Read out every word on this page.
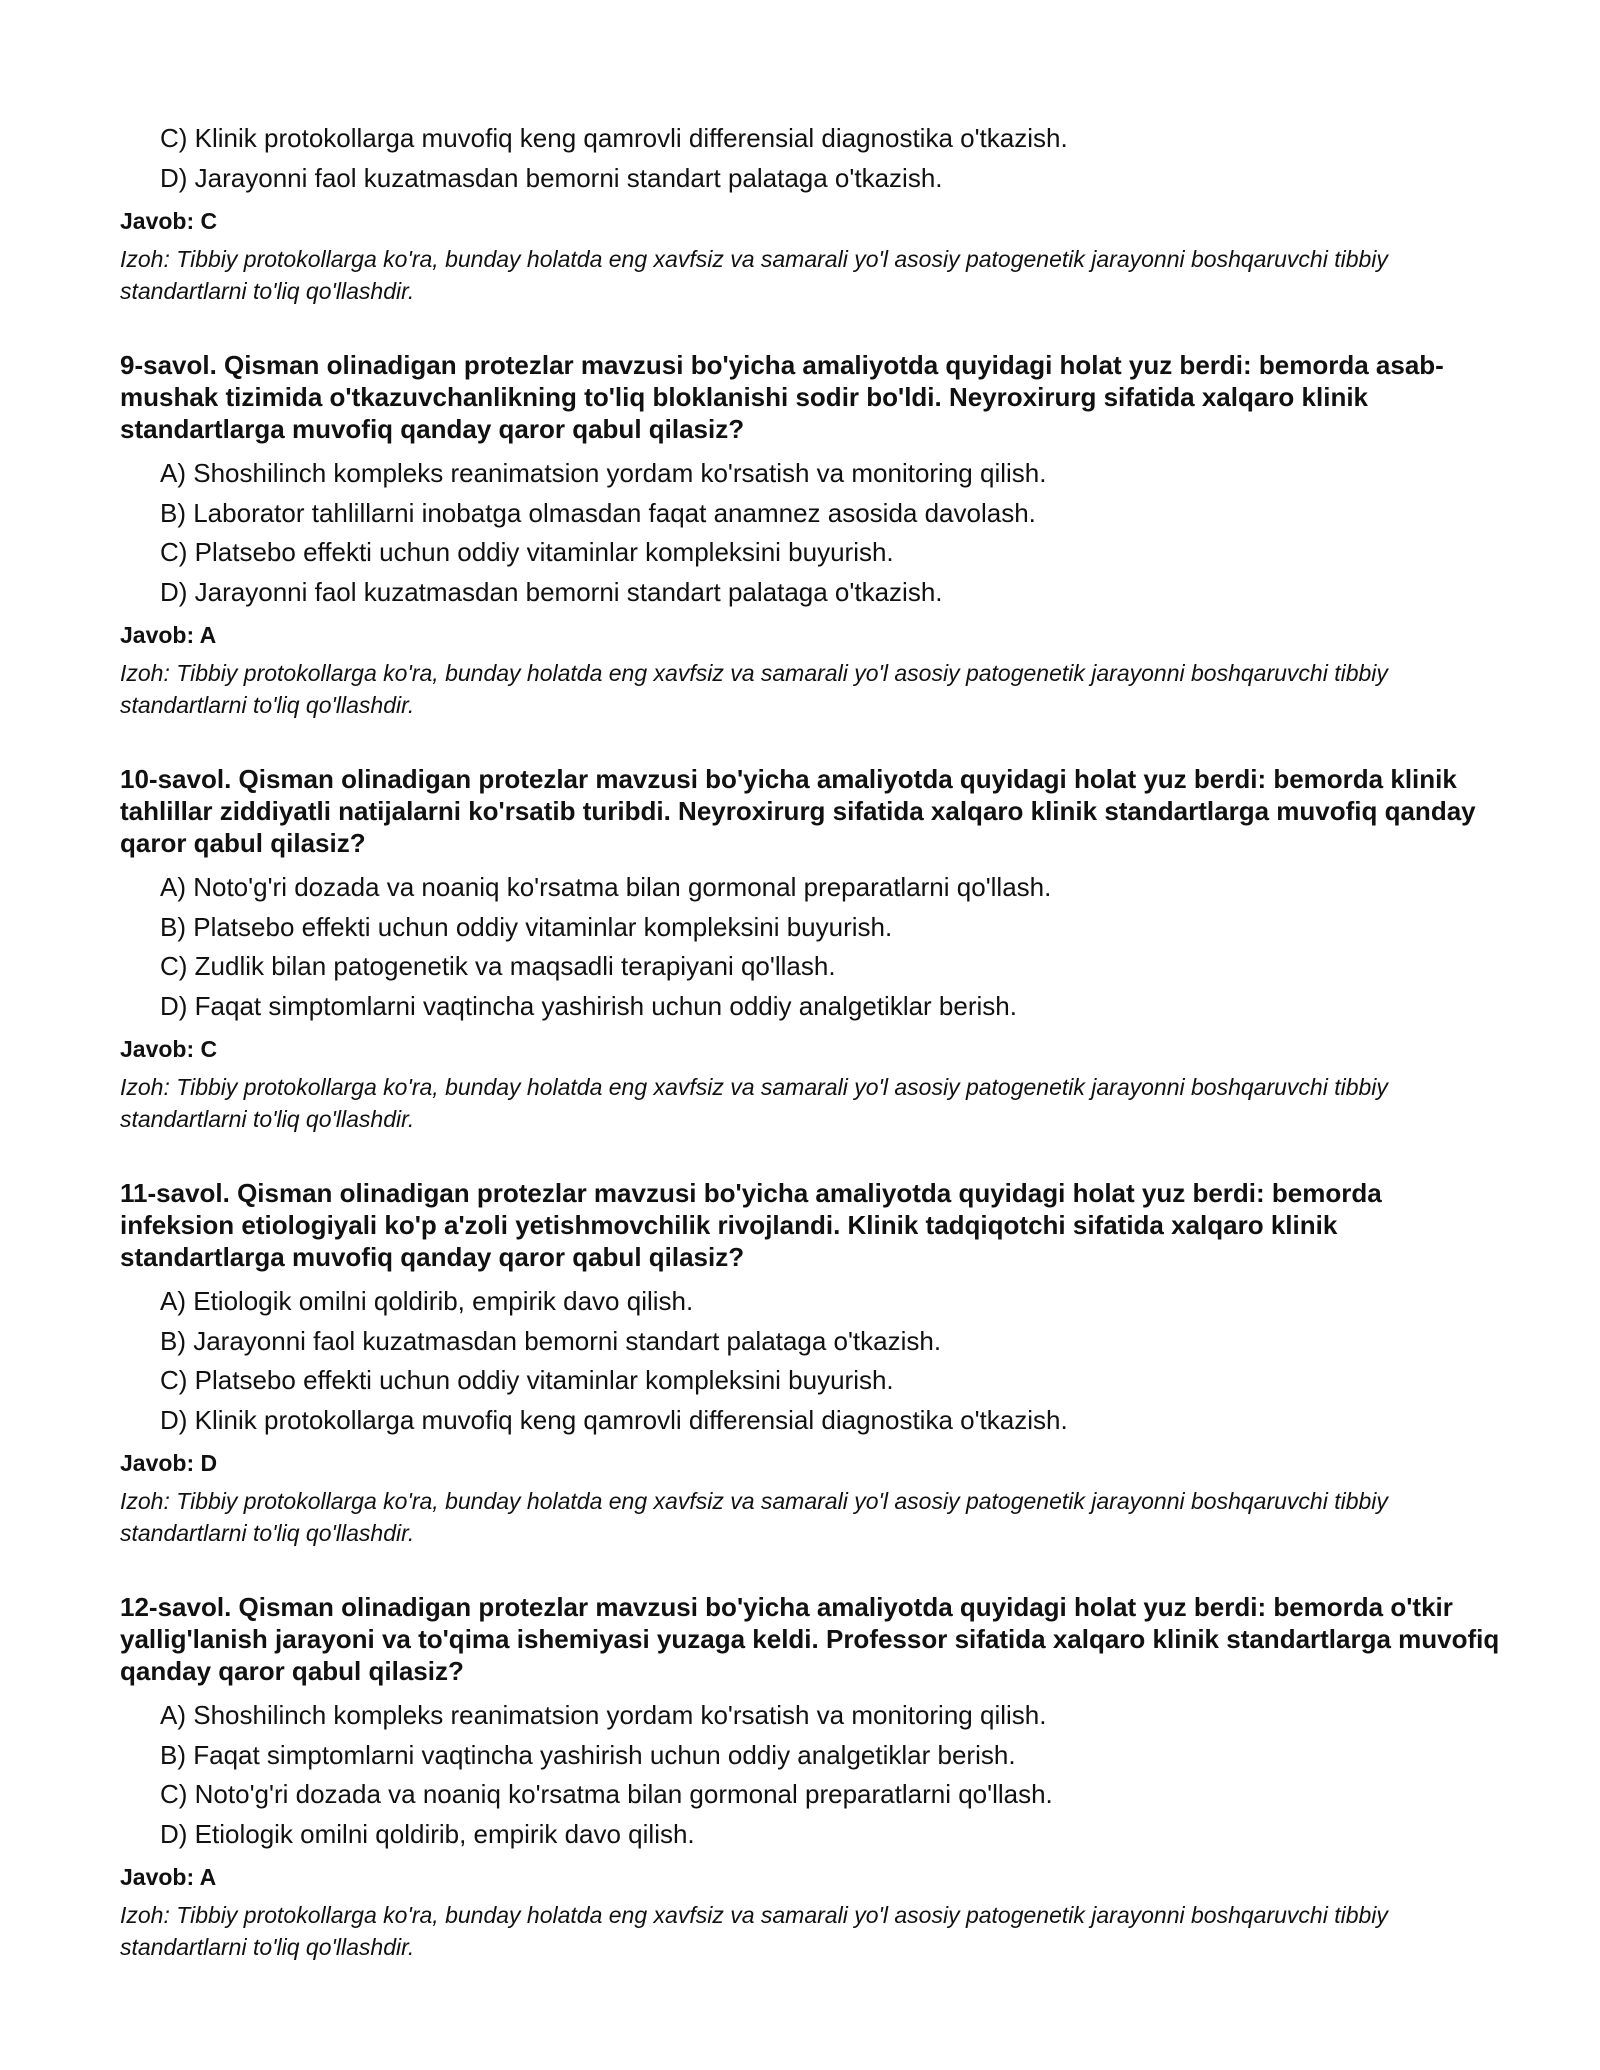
C) Klinik protokollarga muvofiq keng qamrovli differensial diagnostika o'tkazish.
D) Jarayonni faol kuzatmasdan bemorni standart palataga o'tkazish.
Javob: C
Izoh: Tibbiy protokollarga ko'ra, bunday holatda eng xavfsiz va samarali yo'l asosiy patogenetik jarayonni boshqaruvchi tibbiy standartlarni to'liq qo'llashdir.
9-savol. Qisman olinadigan protezlar mavzusi bo'yicha amaliyotda quyidagi holat yuz berdi: bemorda asab-mushak tizimida o'tkazuvchanlikning to'liq bloklanishi sodir bo'ldi. Neyroxirurg sifatida xalqaro klinik standartlarga muvofiq qanday qaror qabul qilasiz?
A) Shoshilinch kompleks reanimatsion yordam ko'rsatish va monitoring qilish.
B) Laborator tahlillarni inobatga olmasdan faqat anamnez asosida davolash.
C) Platsebo effekti uchun oddiy vitaminlar kompleksini buyurish.
D) Jarayonni faol kuzatmasdan bemorni standart palataga o'tkazish.
Javob: A
Izoh: Tibbiy protokollarga ko'ra, bunday holatda eng xavfsiz va samarali yo'l asosiy patogenetik jarayonni boshqaruvchi tibbiy standartlarni to'liq qo'llashdir.
10-savol. Qisman olinadigan protezlar mavzusi bo'yicha amaliyotda quyidagi holat yuz berdi: bemorda klinik tahlillar ziddiyatli natijalarni ko'rsatib turibdi. Neyroxirurg sifatida xalqaro klinik standartlarga muvofiq qanday qaror qabul qilasiz?
A) Noto'g'ri dozada va noaniq ko'rsatma bilan gormonal preparatlarni qo'llash.
B) Platsebo effekti uchun oddiy vitaminlar kompleksini buyurish.
C) Zudlik bilan patogenetik va maqsadli terapiyani qo'llash.
D) Faqat simptomlarni vaqtincha yashirish uchun oddiy analgetiklar berish.
Javob: C
Izoh: Tibbiy protokollarga ko'ra, bunday holatda eng xavfsiz va samarali yo'l asosiy patogenetik jarayonni boshqaruvchi tibbiy standartlarni to'liq qo'llashdir.
11-savol. Qisman olinadigan protezlar mavzusi bo'yicha amaliyotda quyidagi holat yuz berdi: bemorda infeksion etiologiyali ko'p a'zoli yetishmovchilik rivojlandi. Klinik tadqiqotchi sifatida xalqaro klinik standartlarga muvofiq qanday qaror qabul qilasiz?
A) Etiologik omilni qoldirib, empirik davo qilish.
B) Jarayonni faol kuzatmasdan bemorni standart palataga o'tkazish.
C) Platsebo effekti uchun oddiy vitaminlar kompleksini buyurish.
D) Klinik protokollarga muvofiq keng qamrovli differensial diagnostika o'tkazish.
Javob: D
Izoh: Tibbiy protokollarga ko'ra, bunday holatda eng xavfsiz va samarali yo'l asosiy patogenetik jarayonni boshqaruvchi tibbiy standartlarni to'liq qo'llashdir.
12-savol. Qisman olinadigan protezlar mavzusi bo'yicha amaliyotda quyidagi holat yuz berdi: bemorda o'tkir yallig'lanish jarayoni va to'qima ishemiyasi yuzaga keldi. Professor sifatida xalqaro klinik standartlarga muvofiq qanday qaror qabul qilasiz?
A) Shoshilinch kompleks reanimatsion yordam ko'rsatish va monitoring qilish.
B) Faqat simptomlarni vaqtincha yashirish uchun oddiy analgetiklar berish.
C) Noto'g'ri dozada va noaniq ko'rsatma bilan gormonal preparatlarni qo'llash.
D) Etiologik omilni qoldirib, empirik davo qilish.
Javob: A
Izoh: Tibbiy protokollarga ko'ra, bunday holatda eng xavfsiz va samarali yo'l asosiy patogenetik jarayonni boshqaruvchi tibbiy standartlarni to'liq qo'llashdir.
